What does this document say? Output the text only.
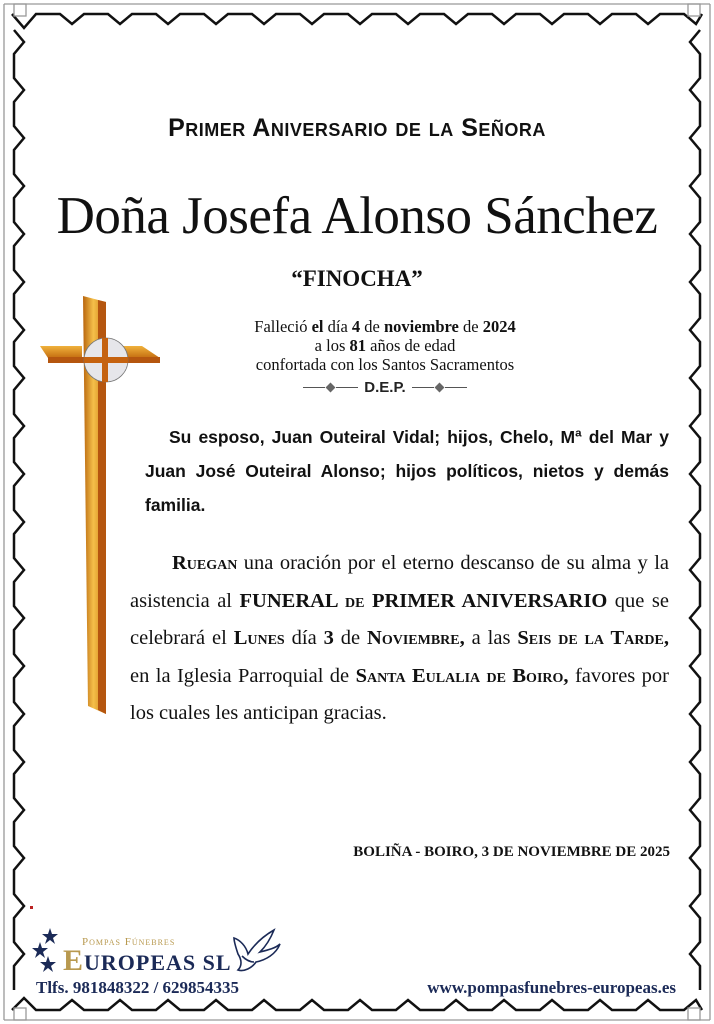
Primer Aniversario de la Señora
Doña Josefa Alonso Sánchez
“FINOCHA”
Falleció el día 4 de noviembre de 2024
a los 81 años de edad
confortada con los Santos Sacramentos
D.E.P.
Su esposo, Juan Outeiral Vidal; hijos, Chelo, Mª del Mar y Juan José Outeiral Alonso; hijos políticos, nietos y demás familia.
Ruegan una oración por el eterno descanso de su alma y la asistencia al FUNERAL de PRIMER ANIVERSARIO que se celebrará el Lunes día 3 de Noviembre, a las Seis de la Tarde, en la Iglesia Parroquial de Santa Eulalia de Boiro, favores por los cuales les anticipan gracias.
BOLIÑA - BOIRO, 3 DE NOVIEMBRE DE 2025
Pompas Fúnebres
EUROPEAS SL
Tlfs. 981848322 / 629854335	www.pompasfunebres-europeas.es
